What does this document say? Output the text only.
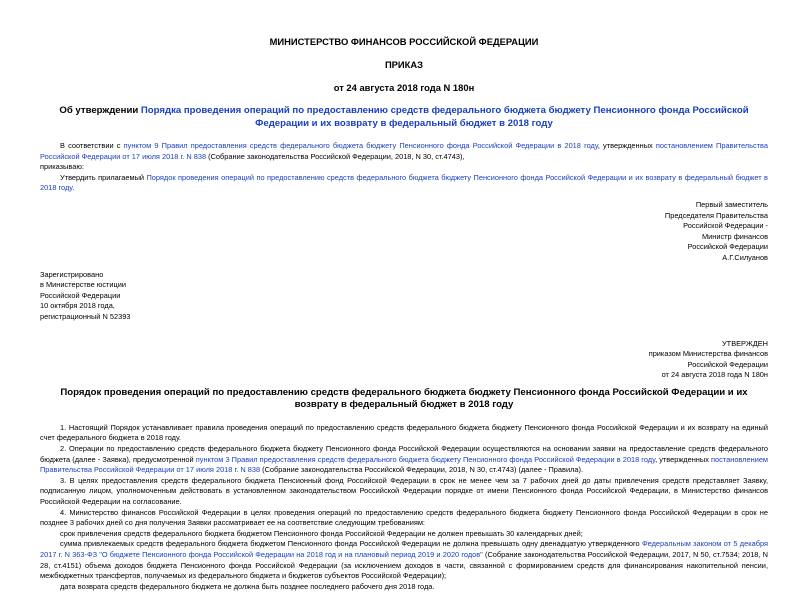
МИНИСТЕРСТВО ФИНАНСОВ РОССИЙСКОЙ ФЕДЕРАЦИИ

ПРИКАЗ

от 24 августа 2018 года N 180н

Об утверждении Порядка проведения операций по предоставлению средств федерального бюджета бюджету Пенсионного фонда Российской Федерации и их возврату в федеральный бюджет в 2018 году

В соответствии с пунктом 9 Правил предоставления средств федерального бюджета бюджету Пенсионного фонда Российской Федерации в 2018 году, утвержденных постановлением Правительства Российской Федерации от 17 июля 2018 г. N 838 (Собрание законодательства Российской Федерации, 2018, N 30, ст.4743),

приказываю:

Утвердить прилагаемый Порядок проведения операций по предоставлению средств федерального бюджета бюджету Пенсионного фонда Российской Федерации и их возврату в федеральный бюджет в 2018 году.

Первый заместитель

Председателя Правительства

Российской Федерации -

Министр финансов

Российской Федерации

А.Г.Силуанов

Зарегистрировано

в Министерстве юстиции

Российской Федерации

10 октября 2018 года,

регистрационный N 52393

УТВЕРЖДЕН

приказом Министерства финансов

Российской Федерации

от 24 августа 2018 года N 180н

Порядок проведения операций по предоставлению средств федерального бюджета бюджету Пенсионного фонда Российской Федерации и их возврату в федеральный бюджет в 2018 году

1. Настоящий Порядок устанавливает правила проведения операций по предоставлению средств федерального бюджета бюджету Пенсионного фонда Российской Федерации и их возврату на единый счет федерального бюджета в 2018 году.

2. Операции по предоставлению средств федерального бюджета бюджету Пенсионного фонда Российской Федерации осуществляются на основании заявки на предоставление средств федерального бюджета (далее - Заявка), предусмотренной пунктом 3 Правил предоставления средств федерального бюджета бюджету Пенсионного фонда Российской Федерации в 2018 году, утвержденных постановлением Правительства Российской Федерации от 17 июля 2018 г. N 838 (Собрание законодательства Российской Федерации, 2018, N 30, ст.4743) (далее - Правила).

3. В целях предоставления средств федерального бюджета Пенсионный фонд Российской Федерации в срок не менее чем за 7 рабочих дней до даты привлечения средств представляет Заявку, подписанную лицом, уполномоченным действовать в установленном законодательством Российской Федерации порядке от имени Пенсионного фонда Российской Федерации, в Министерство финансов Российской Федерации на согласование.

4. Министерство финансов Российской Федерации в целях проведения операций по предоставлению средств федерального бюджета бюджету Пенсионного фонда Российской Федерации в срок не позднее 3 рабочих дней со дня получения Заявки рассматривает ее на соответствие следующим требованиям:

срок привлечения средств федерального бюджета бюджетом Пенсионного фонда Российской Федерации не должен превышать 30 календарных дней;

сумма привлекаемых средств федерального бюджета бюджетом Пенсионного фонда Российской Федерации не должна превышать одну двенадцатую утвержденного Федеральным законом от 5 декабря 2017 г. N 363-ФЗ "О бюджете Пенсионного фонда Российской Федерации на 2018 год и на плановый период 2019 и 2020 годов" (Собрание законодательства Российской Федерации, 2017, N 50, ст.7534; 2018, N 28, ст.4151) объема доходов бюджета Пенсионного фонда Российской Федерации (за исключением доходов в части, связанной с формированием средств для финансирования накопительной пенсии, межбюджетных трансфертов, получаемых из федерального бюджета и бюджетов субъектов Российской Федерации);

дата возврата средств федерального бюджета не должна быть позднее последнего рабочего дня 2018 года.
